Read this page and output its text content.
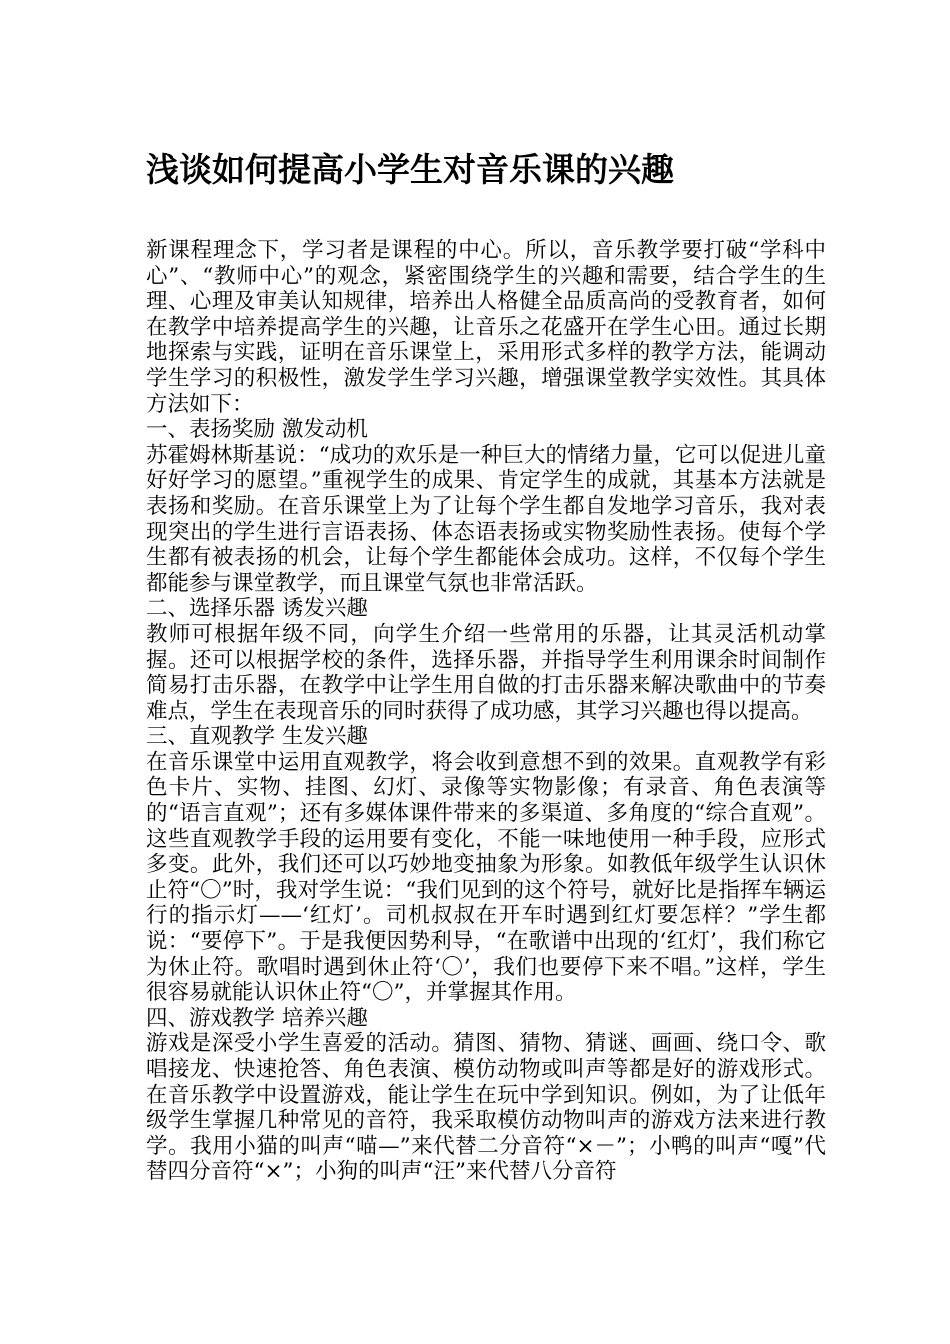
浅谈如何提高小学生对音乐课的兴趣

新课程理念下，学习者是课程的中心。所以，音乐教学要打破“学科中心”、“教师中心”的观念，紧密围绕学生的兴趣和需要，结合学生的生理、心理及审美认知规律，培养出人格健全品质高尚的受教育者，如何在教学中培养提高学生的兴趣，让音乐之花盛开在学生心田。通过长期地探索与实践，证明在音乐课堂上，采用形式多样的教学方法，能调动学生学习的积极性，激发学生学习兴趣，增强课堂教学实效性。其具体方法如下：

一、表扬奖励 激发动机

苏霍姆林斯基说：“成功的欢乐是一种巨大的情绪力量，它可以促进儿童好好学习的愿望。”重视学生的成果、肯定学生的成就，其基本方法就是表扬和奖励。在音乐课堂上为了让每个学生都自发地学习音乐，我对表现突出的学生进行言语表扬、体态语表扬或实物奖励性表扬。使每个学生都有被表扬的机会，让每个学生都能体会成功。这样，不仅每个学生都能参与课堂教学，而且课堂气氛也非常活跃。

二、选择乐器 诱发兴趣

教师可根据年级不同，向学生介绍一些常用的乐器，让其灵活机动掌握。还可以根据学校的条件，选择乐器，并指导学生利用课余时间制作简易打击乐器，在教学中让学生用自做的打击乐器来解决歌曲中的节奏难点，学生在表现音乐的同时获得了成功感，其学习兴趣也得以提高。

三、直观教学 生发兴趣

在音乐课堂中运用直观教学，将会收到意想不到的效果。直观教学有彩色卡片、实物、挂图、幻灯、录像等实物影像；有录音、角色表演等的“语言直观”；还有多媒体课件带来的多渠道、多角度的“综合直观”。这些直观教学手段的运用要有变化，不能一味地使用一种手段，应形式多变。此外，我们还可以巧妙地变抽象为形象。如教低年级学生认识休止符“〇”时，我对学生说：“我们见到的这个符号，就好比是指挥车辆运行的指示灯——‘红灯’。司机叔叔在开车时遇到红灯要怎样？”学生都说：“要停下”。于是我便因势利导，“在歌谱中出现的‘红灯’，我们称它为休止符。歌唱时遇到休止符‘〇’，我们也要停下来不唱。”这样，学生很容易就能认识休止符“〇”，并掌握其作用。

四、游戏教学 培养兴趣

游戏是深受小学生喜爱的活动。猜图、猜物、猜谜、画画、绕口令、歌唱接龙、快速抢答、角色表演、模仿动物或叫声等都是好的游戏形式。在音乐教学中设置游戏，能让学生在玩中学到知识。例如，为了让低年级学生掌握几种常见的音符，我采取模仿动物叫声的游戏方法来进行教学。我用小猫的叫声“喵—”来代替二分音符“×－”；小鸭的叫声“嘎”代替四分音符“×”；小狗的叫声“汪”来代替八分音符
